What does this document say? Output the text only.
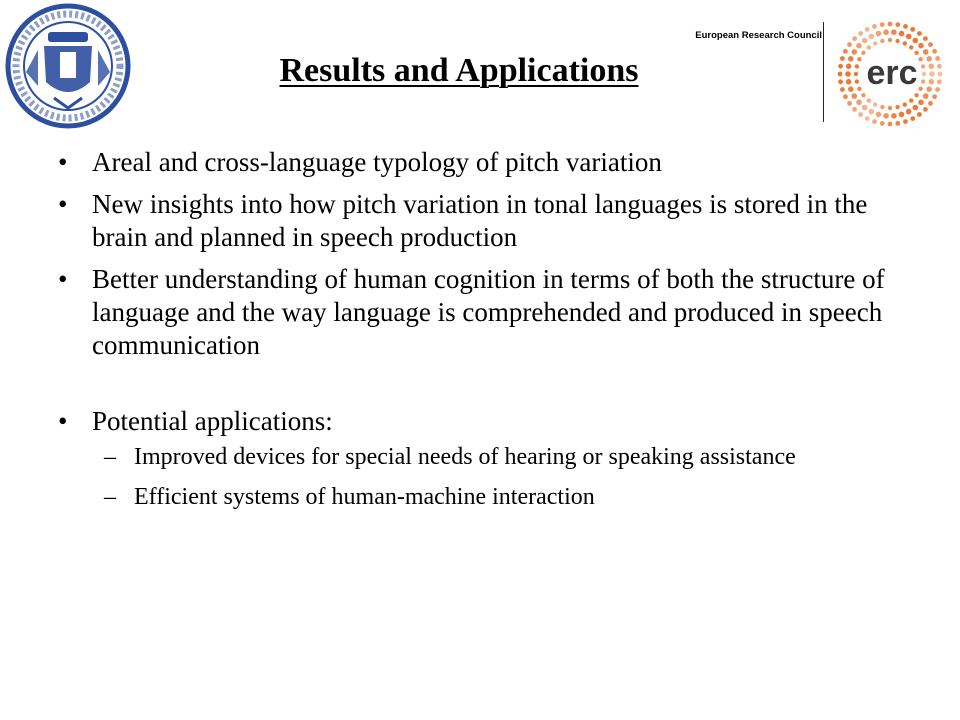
European Research Council
erc
Results and Applications
• Areal and cross-language typology of pitch variation
• New insights into how pitch variation in tonal languages is stored in the brain and planned in speech production
• Better understanding of human cognition in terms of both the structure of language and the way language is comprehended and produced in speech communication
• Potential applications:
– Improved devices for special needs of hearing or speaking assistance
– Efficient systems of human-machine interaction
